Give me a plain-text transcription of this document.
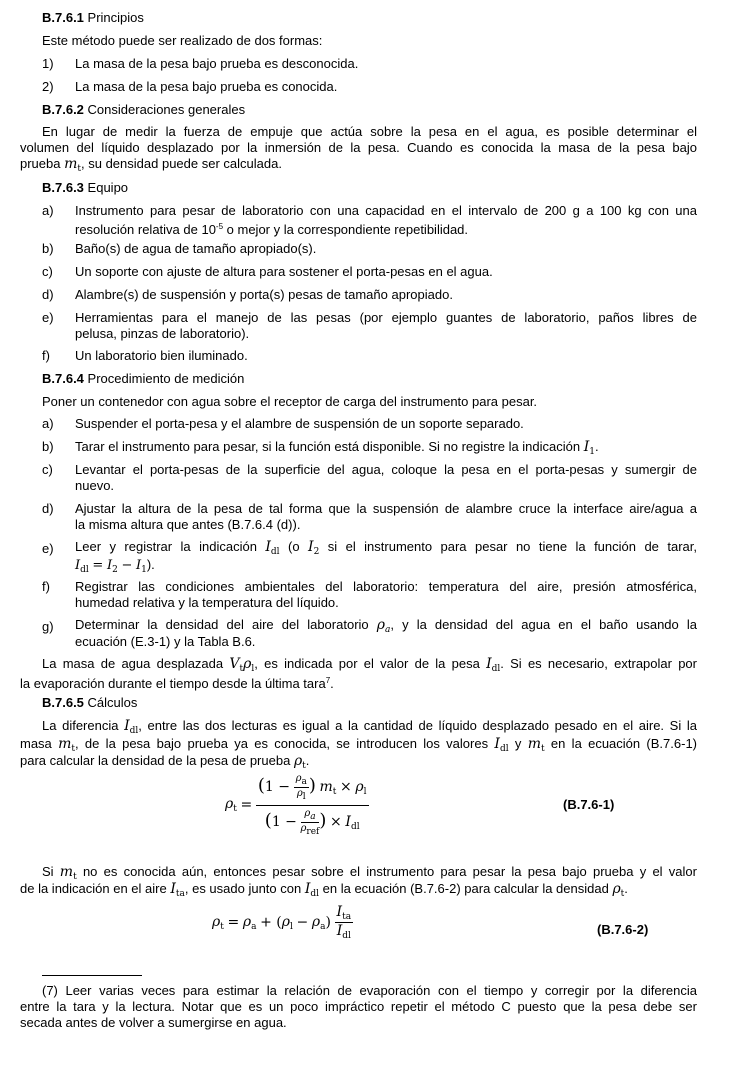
B.7.6.1 Principios
Este método puede ser realizado de dos formas:
1) La masa de la pesa bajo prueba es desconocida.
2) La masa de la pesa bajo prueba es conocida.
B.7.6.2 Consideraciones generales
En lugar de medir la fuerza de empuje que actúa sobre la pesa en el agua, es posible determinar el
volumen del líquido desplazado por la inmersión de la pesa. Cuando es conocida la masa de la pesa bajo
prueba $m_t$, su densidad puede ser calculada.
B.7.6.3 Equipo
a) Instrumento para pesar de laboratorio con una capacidad en el intervalo de 200 g a 100 kg con una
resolución relativa de $10^{-5}$ o mejor y la correspondiente repetibilidad.
b) Baño(s) de agua de tamaño apropiado(s).
c) Un soporte con ajuste de altura para sostener el porta-pesas en el agua.
d) Alambre(s) de suspensión y porta(s) pesas de tamaño apropiado.
e) Herramientas para el manejo de las pesas (por ejemplo guantes de laboratorio, paños libres de
pelusa, pinzas de laboratorio).
f) Un laboratorio bien iluminado.
B.7.6.4 Procedimiento de medición
Poner un contenedor con agua sobre el receptor de carga del instrumento para pesar.
a) Suspender el porta-pesa y el alambre de suspensión de un soporte separado.
b) Tarar el instrumento para pesar, si la función está disponible. Si no registre la indicación $I_1$.
c) Levantar el porta-pesas de la superficie del agua, coloque la pesa en el porta-pesas y sumergir de
nuevo.
d) Ajustar la altura de la pesa de tal forma que la suspensión de alambre cruce la interface aire/agua a
la misma altura que antes (B.7.6.4 (d)).
e) Leer y registrar la indicación $I_{dl}$ (o $I_2$ si el instrumento para pesar no tiene la función de tarar,
$I_{dl} = I_2 - I_1$).
f) Registrar las condiciones ambientales del laboratorio: temperatura del aire, presión atmosférica,
humedad relativa y la temperatura del líquido.
g) Determinar la densidad del aire del laboratorio $\rho_a$, y la densidad del agua en el baño usando la
ecuación (E.3-1) y la Tabla B.6.
La masa de agua desplazada $V_t\rho_l$, es indicada por el valor de la pesa $I_{dl}$. Si es necesario, extrapolar por
la evaporación durante el tiempo desde la última tara$^7$.
B.7.6.5 Cálculos
La diferencia $I_{dl}$, entre las dos lecturas es igual a la cantidad de líquido desplazado pesado en el aire. Si la
masa $m_t$, de la pesa bajo prueba ya es conocida, se introducen los valores $I_{dl}$ y $m_t$ en la ecuación (B.7.6-1)
para calcular la densidad de la pesa de prueba $\rho_t$.
$\rho_t = \frac{(1 - \frac{\rho a}{\rho l} ) m_t \times \rho_l}{(1 - \frac{\rho a}{\text{ρref}} ) \times I_{dl}}$	(B.7.6-1)
Si $m_t$ no es conocida aún, entonces pesar sobre el instrumento para pesar la pesa bajo prueba y el valor
de la indicación en el aire $I_{ta}$, es usado junto con $I_{dl}$ en la ecuación (B.7.6-2) para calcular la densidad $\rho_t$.
$\rho_t = \rho_a + (\rho_l - \rho_a) \frac{I_{ta}}{I_{dl}}$	(B.7.6-2)
(7) Leer varias veces para estimar la relación de evaporación con el tiempo y corregir por la diferencia
entre la tara y la lectura. Notar que es un poco impráctico repetir el método C puesto que la pesa debe ser
secada antes de volver a sumergirse en agua.
